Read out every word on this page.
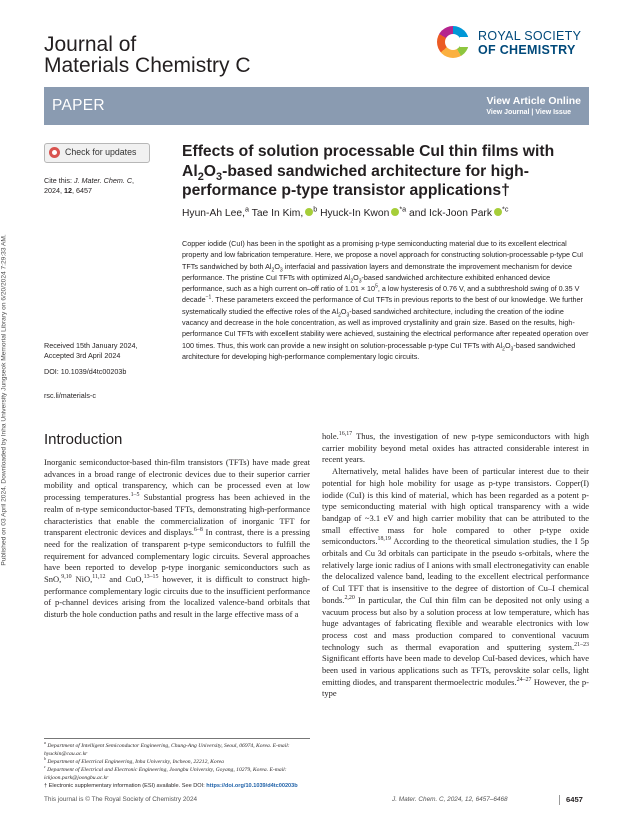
Published on 03 April 2024. Downloaded by Inha University Jungseok Memorial Library on 6/20/2024 7:29:33 AM.
Journal of
Materials Chemistry C
ROYAL SOCIETY
OF CHEMISTRY
PAPER	View Article Online
View Journal | View Issue
Check for updates
Cite this: J. Mater. Chem. C,
2024, 12, 6457
Received 15th January 2024,
Accepted 3rd April 2024
DOI: 10.1039/d4tc00203b
rsc.li/materials-c
Effects of solution processable CuI thin films with $Al_2O_3$-based sandwiched architecture for high-performance p-type transistor applications†
Hyun-Ah Lee,$^a$ Tae In Kim, $^b$ Hyuck-In Kwon $^{*a}$ and Ick-Joon Park $^{*c}$
Copper iodide (CuI) has been in the spotlight as a promising p-type semiconducting material due to its excellent electrical property and low fabrication temperature. Here, we propose a novel approach for constructing solution-processable p-type CuI TFTs sandwiched by both $Al_2O_3$ interfacial and passivation layers and demonstrate the improvement mechanism for device performance. The pristine CuI TFTs with optimized $Al_2O_3$-based sandwiched architecture exhibited enhanced device performance, such as a high current on–off ratio of $1.01 \times 10^5$, a low hysteresis of 0.76 V, and a subthreshold swing of 0.35 V decade$^{-1}$. These parameters exceed the performance of CuI TFTs in previous reports to the best of our knowledge. We further systematically studied the effective roles of the $Al_2O_3$-based sandwiched architecture, including the creation of the iodine vacancy and decrease in the hole concentration, as well as improved crystallinity and grain size. Based on the results, high-performance CuI TFTs with excellent stability were achieved, sustaining the electrical performance after repeated operation over 100 times. Thus, this work can provide a new insight on solution-processable p-type CuI TFTs with $Al_2O_3$-based sandwiched architecture for developing high-performance complementary logic circuits.
Introduction

Inorganic semiconductor-based thin-film transistors (TFTs) have made great advances in a broad range of electronic devices due to their superior carrier mobility and optical transparency, which can be processed even at low processing temperatures.$^{1-5}$ Substantial progress has been achieved in the realm of n-type semiconductor-based TFTs, demonstrating high-performance characteristics that enable the commercialization of inorganic TFT for transparent electronic devices and displays.$^{6-8}$ In contrast, there is a pressing need for the realization of transparent p-type semiconductors to fulfill the requirement for advanced complementary logic circuits. Several approaches have been reported to develop p-type inorganic semiconductors such as SnO,$^{9,10}$ NiO,$^{11,12}$ and CuO,$^{13-15}$ however, it is difficult to construct high-performance complementary logic circuits due to the insufficient performance of p-channel devices arising from the localized valence-band orbitals that disturb the hole conduction paths and result in the large effective mass of a

hole.$^{16,17}$ Thus, the investigation of new p-type semiconductors with high carrier mobility beyond metal oxides has attracted considerable interest in recent years.

Alternatively, metal halides have been of particular interest due to their potential for high hole mobility for usage as p-type transistors. Copper(I) iodide (CuI) is this kind of material, which has been regarded as a potent p-type semiconducting material with high optical transparency with a wide bandgap of ~3.1 eV and high carrier mobility that can be attributed to the small effective mass for hole compared to other p-type oxide semiconductors.$^{18,19}$ According to the theoretical simulation studies, the I 5p orbitals and Cu 3d orbitals can participate in the pseudo s-orbitals, where the relatively large ionic radius of I anions with small electronegativity can enable the delocalized valence band, leading to the excellent electrical performance of CuI TFT that is insensitive to the degree of distortion of Cu–I chemical bonds.$^{2,20}$ In particular, the CuI thin film can be deposited not only using a vacuum process but also by a solution process at low temperature, which has huge advantages of fabricating flexible and wearable electronics with low process cost and mass production compared to conventional vacuum technology such as thermal evaporation and sputtering system.$^{21-23}$ Significant efforts have been made to develop CuI-based devices, which have been used in various applications such as TFTs, perovskite solar cells, light emitting diodes, and transparent thermoelectric modules.$^{24-27}$ However, the p-type

$^a$ Department of Intelligent Semiconductor Engineering, Chung-Ang University, Seoul, 06974, Korea. E-mail: hyuckin@cau.ac.kr
$^b$ Department of Electrical Engineering, Inha University, Incheon, 22212, Korea
$^c$ Department of Electrical and Electronic Engineering, Joongbu University, Goyang, 10279, Korea. E-mail: ickjoon.park@joongbu.ac.kr
† Electronic supplementary information (ESI) available. See DOI: https://doi.org/10.1039/d4tc00203b
This journal is © The Royal Society of Chemistry 2024	J. Mater. Chem. C, 2024, 12, 6457–6468	6457
